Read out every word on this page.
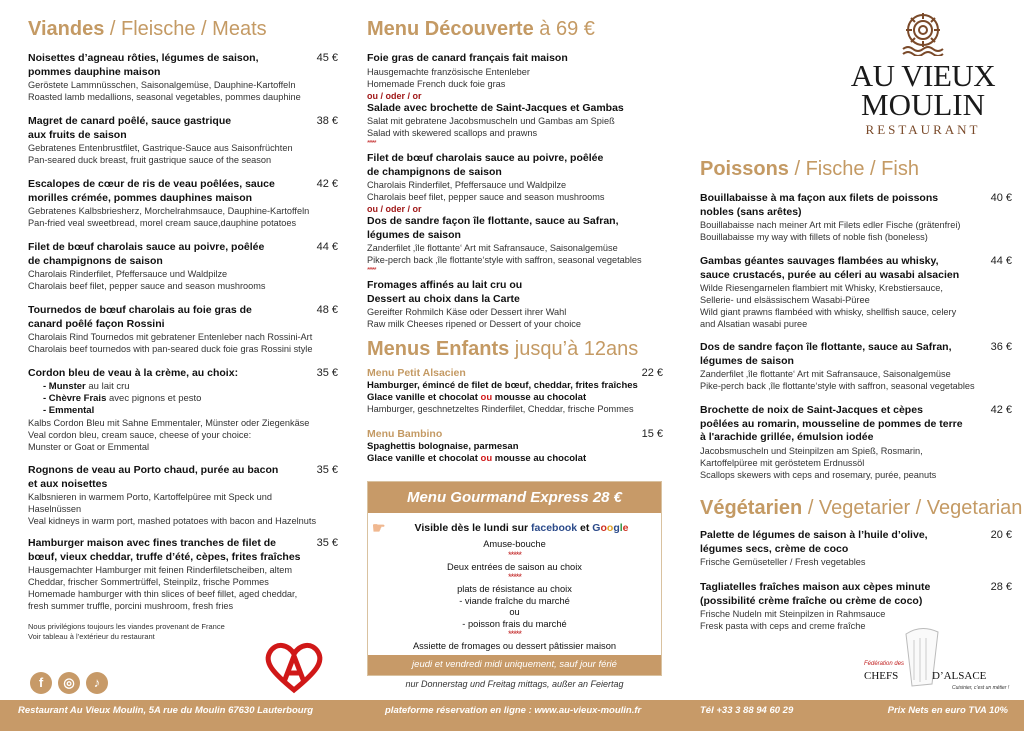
Viandes / Fleische / Meats	Menu Découverte à 69 €
Menus Enfants jusqu’à 12ans
Poissons / Fische / Fish
Végétarien / Vegetarier / Vegetarian
Noisettes d’agneau rôties, légumes de saison,
pommes dauphine maison
45 €
Geröstete Lammnüsschen, Saisonalgemüse, Dauphine-Kartoffeln
Roasted lamb medallions, seasonal vegetables, pommes dauphine
Magret de canard poêlé, sauce gastrique
aux fruits de saison
38 €
Gebratenes Entenbrustfilet, Gastrique-Sauce aus Saisonfrüchten
Pan-seared duck breast, fruit gastrique sauce of the season
Escalopes de cœur de ris de veau poêlées, sauce
morilles crémée, pommes dauphines maison
42 €
Gebratenes Kalbsbriesherz, Morchelrahmsauce, Dauphine-Kartoffeln
Pan-fried veal sweetbread, morel cream sauce,dauphine potatoes
Filet de bœuf charolais sauce au poivre, poêlée
de champignons de saison
44 €
Charolais Rinderfilet, Pfeffersauce und Waldpilze
Charolais beef filet, pepper sauce and season mushrooms
Tournedos de bœuf charolais au foie gras de
canard poêlé façon Rossini
48 €
Charolais Rind Tournedos mit gebratener Entenleber nach Rossini-Art
Charolais beef tournedos with pan-seared duck foie gras Rossini style
Cordon bleu de veau à la crème, au choix:	35 €
- Munster au lait cru
- Chèvre Frais avec pignons et pesto
- Emmental
Kalbs Cordon Bleu mit Sahne Emmentaler, Münster oder Ziegenkäse
Veal cordon bleu, cream sauce, cheese of your choice:
Munster or Goat or Emmental
Rognons de veau au Porto chaud, purée au bacon
et aux noisettes
35 €
Kalbsnieren in warmem Porto, Kartoffelpüree mit Speck und
Haselnüssen
Veal kidneys in warm port, mashed potatoes with bacon and Hazelnuts
Hamburger maison avec fines tranches de filet de
bœuf, vieux cheddar, truffe d’été, cèpes, frites fraîches
35 €
Hausgemachter Hamburger mit feinen Rinderfiletscheiben, altem
Cheddar, frischer Sommertrüffel, Steinpilz, frische Pommes
Homemade hamburger with thin slices of beef fillet, aged cheddar,
fresh summer truffle, porcini mushroom, fresh fries
Nous privilégions toujours les viandes provenant de France
Voir tableau à l’extérieur du restaurant
Foie gras de canard français fait maison
Hausgemachte französische Entenleber
Homemade French duck foie gras
ou / oder / or
Salade avec brochette de Saint-Jacques et Gambas
Salat mit gebratene Jacobsmuscheln und Gambas am Spieß
Salad with skewered scallops and prawns
*****
Filet de bœuf charolais sauce au poivre, poêlée
de champignons de saison
Charolais Rinderfilet, Pfeffersauce und Waldpilze
Charolais beef filet, pepper sauce and season mushrooms
ou / oder / or
Dos de sandre façon île flottante, sauce au Safran,
légumes de saison
Zanderfilet ‚île flottante‘ Art mit Safransauce, Saisonalgemüse
Pike-perch back ‚île flottante‘style with saffron, seasonal vegetables
*****
Fromages affinés au lait cru ou
Dessert au choix dans la Carte
Gereifter Rohmilch Käse oder Dessert ihrer Wahl
Raw milk Cheeses ripened or Dessert of your choice
Menu Petit Alsacien	22 €
Hamburger, émincé de filet de bœuf, cheddar, frites fraîches
Glace vanille et chocolat ou mousse au chocolat
Hamburger, geschnetzeltes Rinderfilet, Cheddar, frische Pommes
Menu Bambino	15 €
Spaghettis bolognaise, parmesan
Glace vanille et chocolat ou mousse au chocolat
Menu Gourmand Express 28 €
☛	Visible dès le lundi sur facebook et Google
Amuse-bouche
*****
Deux entrées de saison au choix
*****
plats de résistance au choix
- viande fraîche du marché
ou
- poisson frais du marché
*****
Assiette de fromages ou dessert pâtissier maison
jeudi et vendredi midi uniquement, sauf jour férié
nur Donnerstag und Freitag mittags, außer an Feiertag
AU VIEUX
MOULIN
RESTAURANT
Bouillabaisse à ma façon aux filets de poissons
nobles (sans arêtes)
40 €
Bouillabaisse nach meiner Art mit Filets edler Fische (grätenfrei)
Bouillabaisse my way with fillets of noble fish (boneless)
Gambas géantes sauvages flambées au whisky,
sauce crustacés, purée au céleri au wasabi alsacien
44 €
Wilde Riesengarnelen flambiert mit Whisky, Krebstiersauce,
Sellerie- und elsässischem Wasabi-Püree
Wild giant prawns flambéed with whisky, shellfish sauce, celery
and Alsatian wasabi puree
Dos de sandre façon île flottante, sauce au Safran,
légumes de saison
36 €
Zanderfilet ‚île flottante‘ Art mit Safransauce, Saisonalgemüse
Pike-perch back ‚île flottante‘style with saffron, seasonal vegetables
Brochette de noix de Saint-Jacques et cèpes
poêlées au romarin, mousseline de pommes de terre
à l'arachide grillée, émulsion iodée
42 €
Jacobsmuscheln und Steinpilzen am Spieß, Rosmarin,
Kartoffelpüree mit geröstetem Erdnussöl
Scallops skewers with ceps and rosemary, purée, peanuts
Palette de légumes de saison à l’huile d’olive,
légumes secs, crème de coco
20 €
Frische Gemüseteller / Fresh vegetables
Tagliatelles fraîches maison aux cèpes minute
(possibilité crème fraîche ou crème de coco)
28 €
Frische Nudeln mit Steinpilzen in Rahmsauce
Fresk pasta with ceps and creme fraîche
f	◎	♪
Fédération des
CHEFS	D’ALSACE
Cuisinier, c’est un métier !
Restaurant Au Vieux Moulin, 5A rue du Moulin 67630 Lauterbourg	plateforme réservation en ligne : www.au-vieux-moulin.fr	Tél +33 3 88 94 60 29	Prix Nets en euro TVA 10%
